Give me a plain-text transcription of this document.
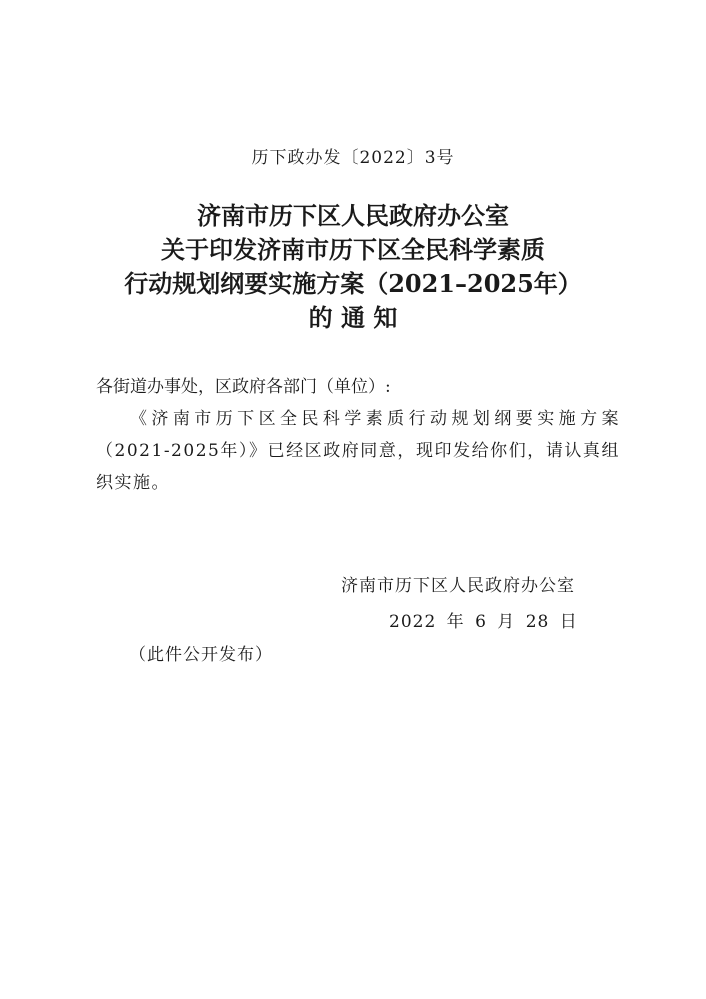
历下政办发〔2022〕3号
济南市历下区人民政府办公室
关于印发济南市历下区全民科学素质
行动规划纲要实施方案（2021–2025年）
的 通 知
各街道办事处，区政府各部门（单位）:
《济南市历下区全民科学素质行动规划纲要实施方案（2021-2025年）》已经区政府同意，现印发给你们，请认真组织实施。
济南市历下区人民政府办公室
2022 年 6 月 28 日
（此件公开发布）
